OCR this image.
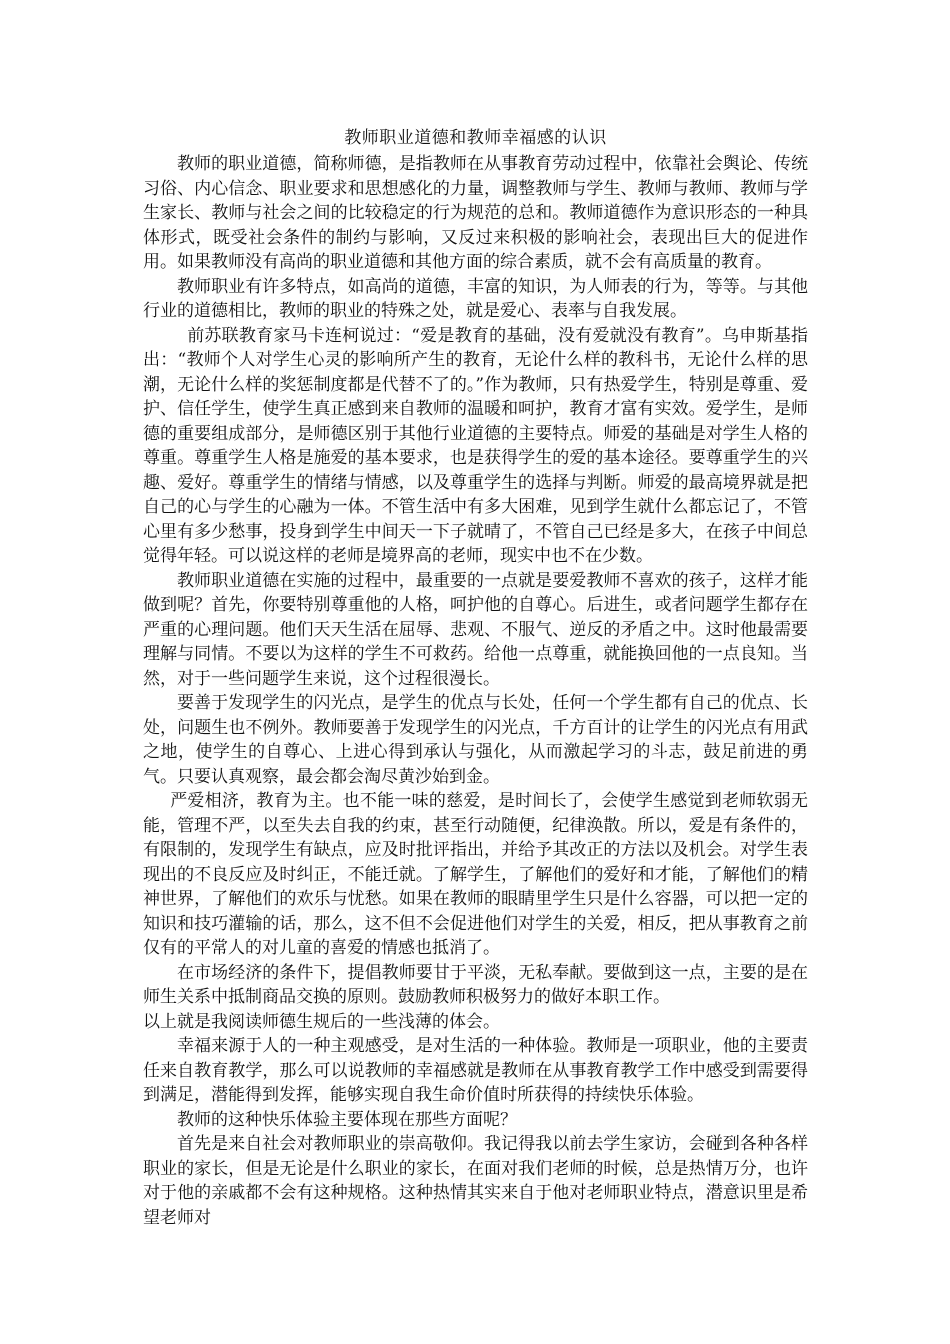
教师职业道德和教师幸福感的认识

教师的职业道德，简称师德，是指教师在从事教育劳动过程中，依靠社会舆论、传统习俗、内心信念、职业要求和思想感化的力量，调整教师与学生、教师与教师、教师与学生家长、教师与社会之间的比较稳定的行为规范的总和。教师道德作为意识形态的一种具体形式，既受社会条件的制约与影响，又反过来积极的影响社会，表现出巨大的促进作用。如果教师没有高尚的职业道德和其他方面的综合素质，就不会有高质量的教育。

教师职业有许多特点，如高尚的道德，丰富的知识，为人师表的行为，等等。与其他行业的道德相比，教师的职业的特殊之处，就是爱心、表率与自我发展。

前苏联教育家马卡连柯说过：“爱是教育的基础，没有爱就没有教育”。乌申斯基指出：“教师个人对学生心灵的影响所产生的教育，无论什么样的教科书，无论什么样的思潮，无论什么样的奖惩制度都是代替不了的。”作为教师，只有热爱学生，特别是尊重、爱护、信任学生，使学生真正感到来自教师的温暖和呵护，教育才富有实效。爱学生，是师德的重要组成部分，是师德区别于其他行业道德的主要特点。师爱的基础是对学生人格的尊重。尊重学生人格是施爱的基本要求，也是获得学生的爱的基本途径。要尊重学生的兴趣、爱好。尊重学生的情绪与情感，以及尊重学生的选择与判断。师爱的最高境界就是把自己的心与学生的心融为一体。不管生活中有多大困难，见到学生就什么都忘记了，不管心里有多少愁事，投身到学生中间天一下子就晴了，不管自己已经是多大，在孩子中间总觉得年轻。可以说这样的老师是境界高的老师，现实中也不在少数。

教师职业道德在实施的过程中，最重要的一点就是要爱教师不喜欢的孩子，这样才能做到呢？首先，你要特别尊重他的人格，呵护他的自尊心。后进生，或者问题学生都存在严重的心理问题。他们天天生活在屈辱、悲观、不服气、逆反的矛盾之中。这时他最需要理解与同情。不要以为这样的学生不可救药。给他一点尊重，就能换回他的一点良知。当然，对于一些问题学生来说，这个过程很漫长。

要善于发现学生的闪光点，是学生的优点与长处，任何一个学生都有自己的优点、长处，问题生也不例外。教师要善于发现学生的闪光点，千方百计的让学生的闪光点有用武之地，使学生的自尊心、上进心得到承认与强化，从而激起学习的斗志，鼓足前进的勇气。只要认真观察，最会都会淘尽黄沙始到金。

严爱相济，教育为主。也不能一味的慈爱，是时间长了，会使学生感觉到老师软弱无能，管理不严，以至失去自我的约束，甚至行动随便，纪律涣散。所以，爱是有条件的，有限制的，发现学生有缺点，应及时批评指出，并给予其改正的方法以及机会。对学生表现出的不良反应及时纠正，不能迁就。了解学生，了解他们的爱好和才能，了解他们的精神世界，了解他们的欢乐与忧愁。如果在教师的眼睛里学生只是什么容器，可以把一定的知识和技巧灌输的话，那么，这不但不会促进他们对学生的关爱，相反，把从事教育之前仅有的平常人的对儿童的喜爱的情感也抵消了。

在市场经济的条件下，提倡教师要甘于平淡，无私奉献。要做到这一点，主要的是在师生关系中抵制商品交换的原则。鼓励教师积极努力的做好本职工作。

以上就是我阅读师德生规后的一些浅薄的体会。

幸福来源于人的一种主观感受，是对生活的一种体验。教师是一项职业，他的主要责任来自教育教学，那么可以说教师的幸福感就是教师在从事教育教学工作中感受到需要得到满足，潜能得到发挥，能够实现自我生命价值时所获得的持续快乐体验。

教师的这种快乐体验主要体现在那些方面呢？

首先是来自社会对教师职业的崇高敬仰。我记得我以前去学生家访，会碰到各种各样职业的家长，但是无论是什么职业的家长，在面对我们老师的时候，总是热情万分，也许对于他的亲戚都不会有这种规格。这种热情其实来自于他对老师职业特点，潜意识里是希望老师对
